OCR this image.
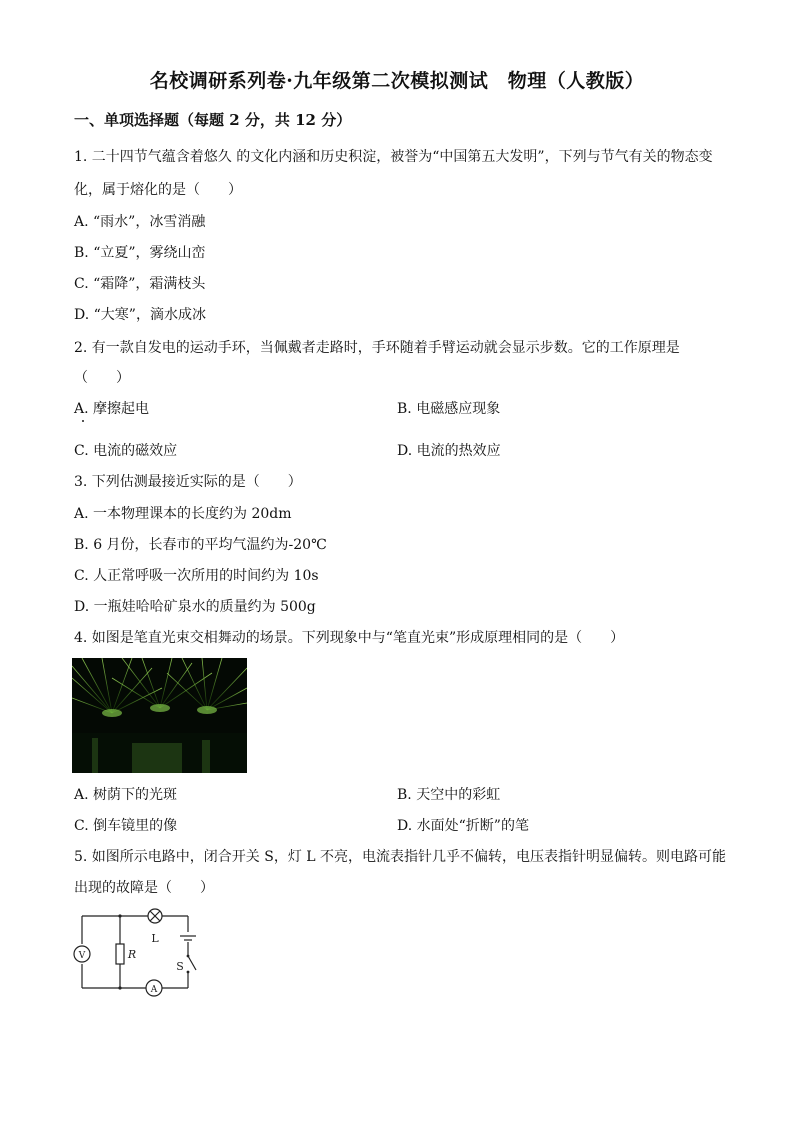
名校调研系列卷·九年级第二次模拟测试　物理（人教版）
一、单项选择题（每题 2 分，共 12 分）
1. 二十四节气蕴含着悠久 的文化内涵和历史积淀，被誉为“中国第五大发明”，下列与节气有关的物态变
化，属于熔化的是（　　）
A. “雨水”，冰雪消融
B. “立夏”，雾绕山峦
C. “霜降”，霜满枝头
D. “大寒”，滴水成冰
2. 有一款自发电的运动手环，当佩戴者走路时，手环随着手臂运动就会显示步数。它的工作原理是
（　　）
A. 摩擦起电	B. 电磁感应现象
C. 电流的磁效应	D. 电流的热效应
3. 下列估测最接近实际的是（　　）
A. 一本物理课本的长度约为 20dm
B. 6 月份，长春市的平均气温约为-20℃
C. 人正常呼吸一次所用的时间约为 10s
D. 一瓶娃哈哈矿泉水的质量约为 500g
4. 如图是笔直光束交相舞动的场景。下列现象中与“笔直光束”形成原理相同的是（　　）
A. 树荫下的光斑	B. 天空中的彩虹
C. 倒车镜里的像	D. 水面处“折断”的笔
5. 如图所示电路中，闭合开关 S，灯 L 不亮，电流表指针几乎不偏转，电压表指针明显偏转。则电路可能
出现的故障是（　　）
L
S
R
V
A
